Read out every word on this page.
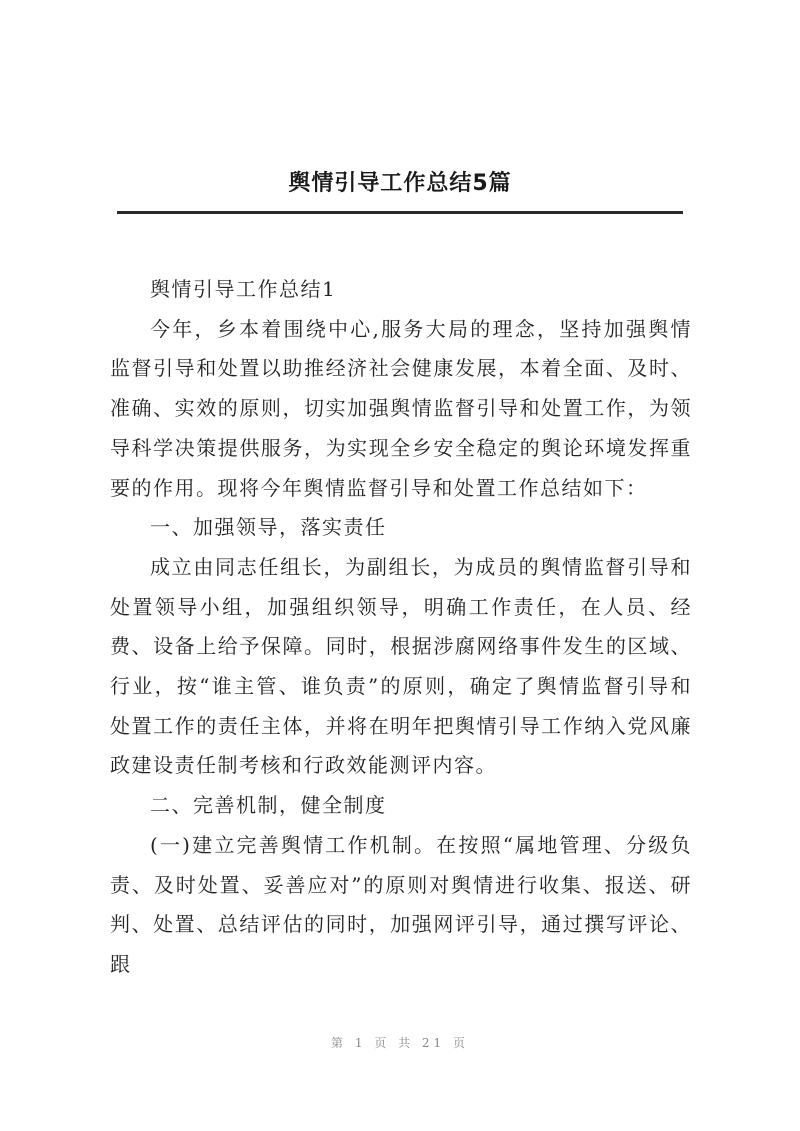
舆情引导工作总结5篇

舆情引导工作总结1

今年，乡本着围绕中心,服务大局的理念，坚持加强舆情监督引导和处置以助推经济社会健康发展，本着全面、及时、准确、实效的原则，切实加强舆情监督引导和处置工作，为领导科学决策提供服务，为实现全乡安全稳定的舆论环境发挥重要的作用。现将今年舆情监督引导和处置工作总结如下：

一、加强领导，落实责任

成立由同志任组长，为副组长，为成员的舆情监督引导和处置领导小组，加强组织领导，明确工作责任，在人员、经费、设备上给予保障。同时，根据涉腐网络事件发生的区域、行业，按“谁主管、谁负责”的原则，确定了舆情监督引导和处置工作的责任主体，并将在明年把舆情引导工作纳入党风廉政建设责任制考核和行政效能测评内容。

二、完善机制，健全制度

(一)建立完善舆情工作机制。在按照“属地管理、分级负责、及时处置、妥善应对”的原则对舆情进行收集、报送、研判、处置、总结评估的同时，加强网评引导，通过撰写评论、跟

第 1 页 共 21 页
